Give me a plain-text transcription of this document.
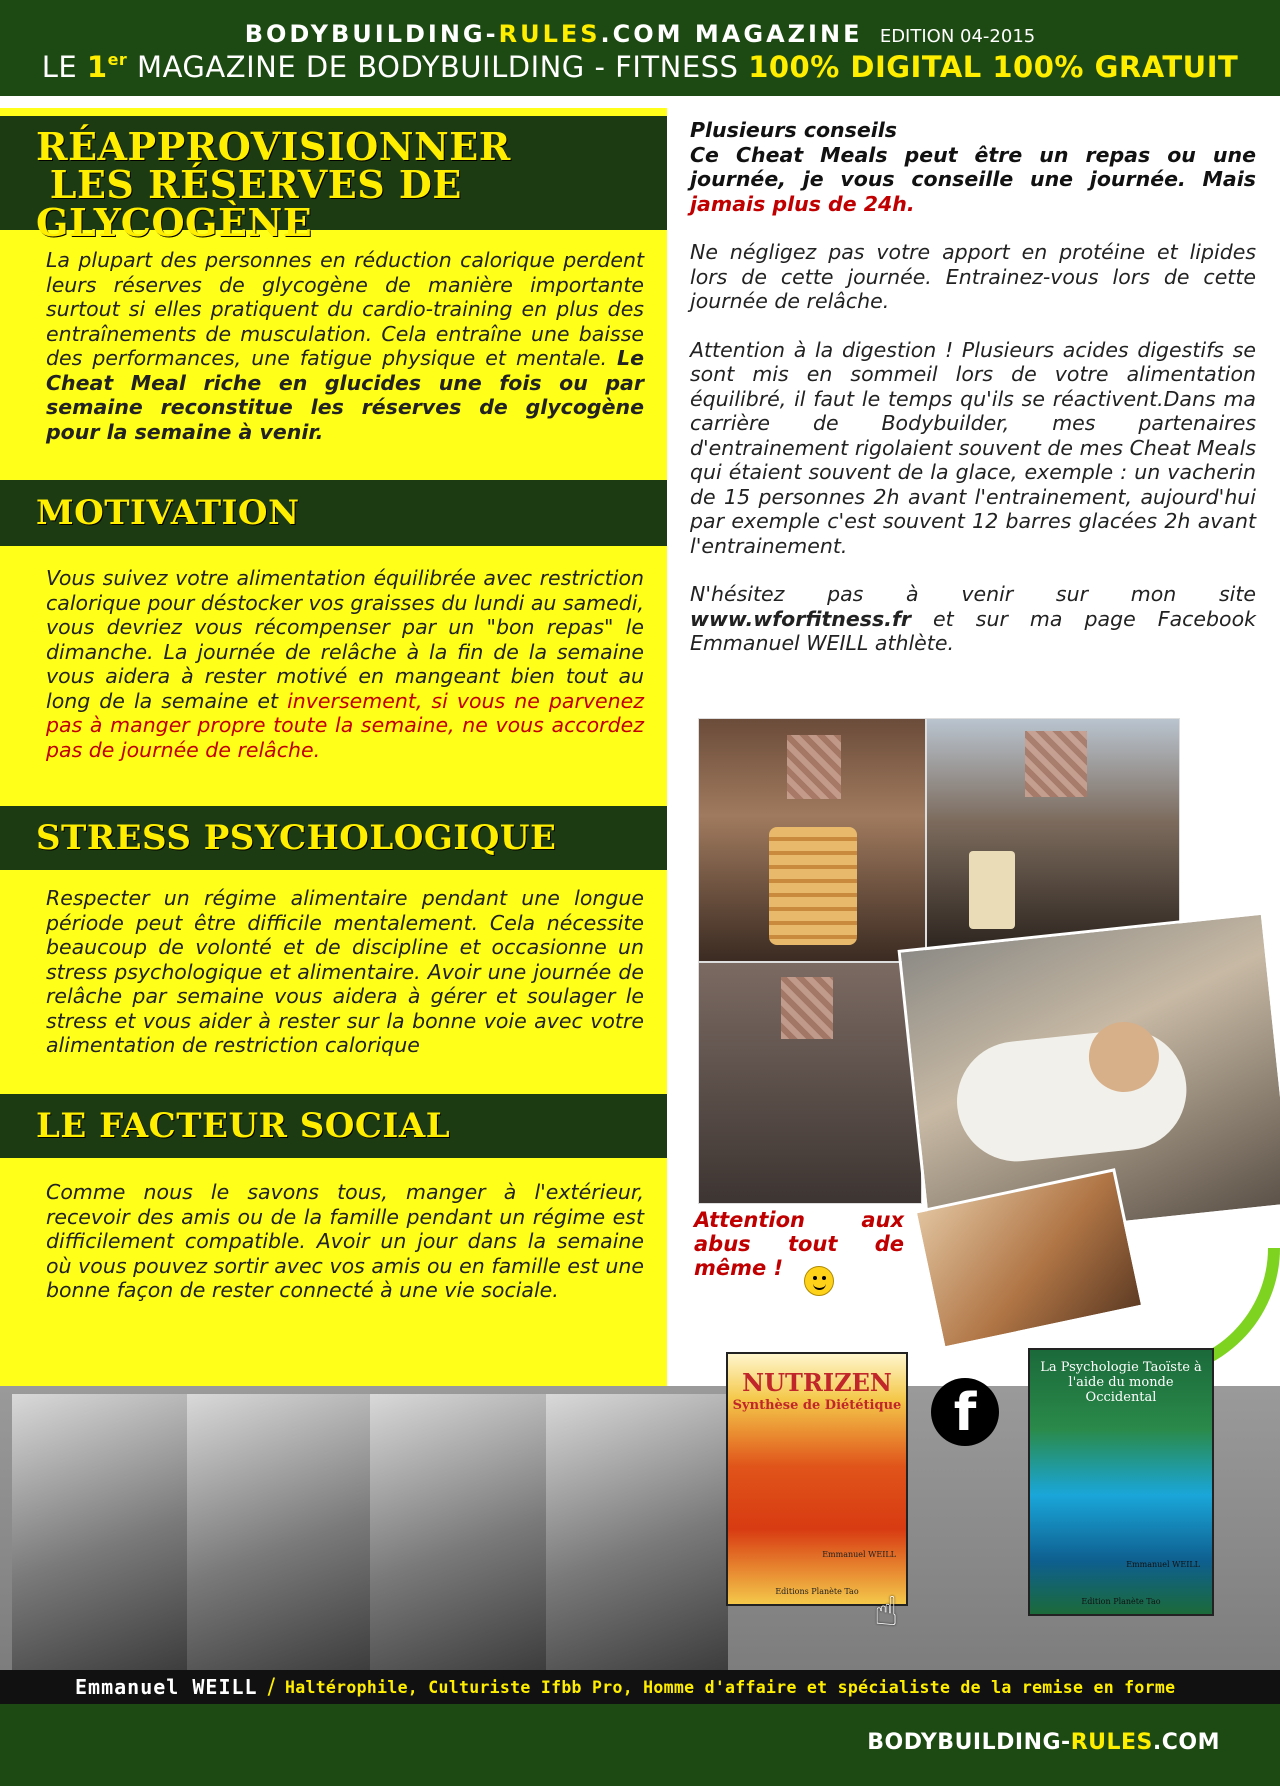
BODYBUILDING-RULES.COM MAGAZINE EDITION 04-2015
LE 1er MAGAZINE DE BODYBUILDING - FITNESS 100% DIGITAL 100% GRATUIT
RÉAPPROVISIONNER
LES RÉSERVES DE
GLYCOGÈNE
La plupart des personnes en réduction calorique perdent leurs réserves de glycogène de manière importante surtout si elles pratiquent du cardio-training en plus des entraînements de musculation. Cela entraîne une baisse des performances, une fatigue physique et mentale. Le Cheat Meal riche en glucides une fois ou par semaine reconstitue les réserves de glycogène pour la semaine à venir.
MOTIVATION
Vous suivez votre alimentation équilibrée avec restriction calorique pour déstocker vos graisses du lundi au samedi, vous devriez vous récompenser par un "bon repas" le dimanche. La journée de relâche à la fin de la semaine vous aidera à rester motivé en mangeant bien tout au long de la semaine et inversement, si vous ne parvenez pas à manger propre toute la semaine, ne vous accordez pas de journée de relâche.
STRESS PSYCHOLOGIQUE
Respecter un régime alimentaire pendant une longue période peut être difficile mentalement. Cela nécessite beaucoup de volonté et de discipline et occasionne un stress psychologique et alimentaire. Avoir une journée de relâche par semaine vous aidera à gérer et soulager le stress et vous aider à rester sur la bonne voie avec votre alimentation de restriction calorique
LE FACTEUR SOCIAL
Comme nous le savons tous, manger à l'extérieur, recevoir des amis ou de la famille pendant un régime est difficilement compatible. Avoir un jour dans la semaine où vous pouvez sortir avec vos amis ou en famille est une bonne façon de rester connecté à une vie sociale.

Plusieurs conseils
Ce Cheat Meals peut être un repas ou une journée, je vous conseille une journée. Mais jamais plus de 24h.

Ne négligez pas votre apport en protéine et lipides lors de cette journée. Entrainez-vous lors de cette journée de relâche.

Attention à la digestion ! Plusieurs acides digestifs se sont mis en sommeil lors de votre alimentation équilibré, il faut le temps qu'ils se réactivent.Dans ma carrière de Bodybuilder, mes partenaires d'entrainement rigolaient souvent de mes Cheat Meals qui étaient souvent de la glace, exemple : un vacherin de 15 personnes 2h avant l'entrainement, aujourd'hui par exemple c'est souvent 12 barres glacées 2h avant l'entrainement.

N'hésitez pas à venir sur mon site www.wforfitness.fr et sur ma page Facebook Emmanuel WEILL athlète.

Attention aux abus tout de même !
NUTRIZEN
Synthèse de Diététique
Emmanuel WEILL
Editions Planète Tao ☝
f
La Psychologie Taoïste à l'aide du monde Occidental
Emmanuel WEILL
Edition Planète Tao
Emmanuel WEILL / Haltérophile, Culturiste Ifbb Pro, Homme d'affaire et spécialiste de la remise en forme
BODYBUILDING-RULES.COM
